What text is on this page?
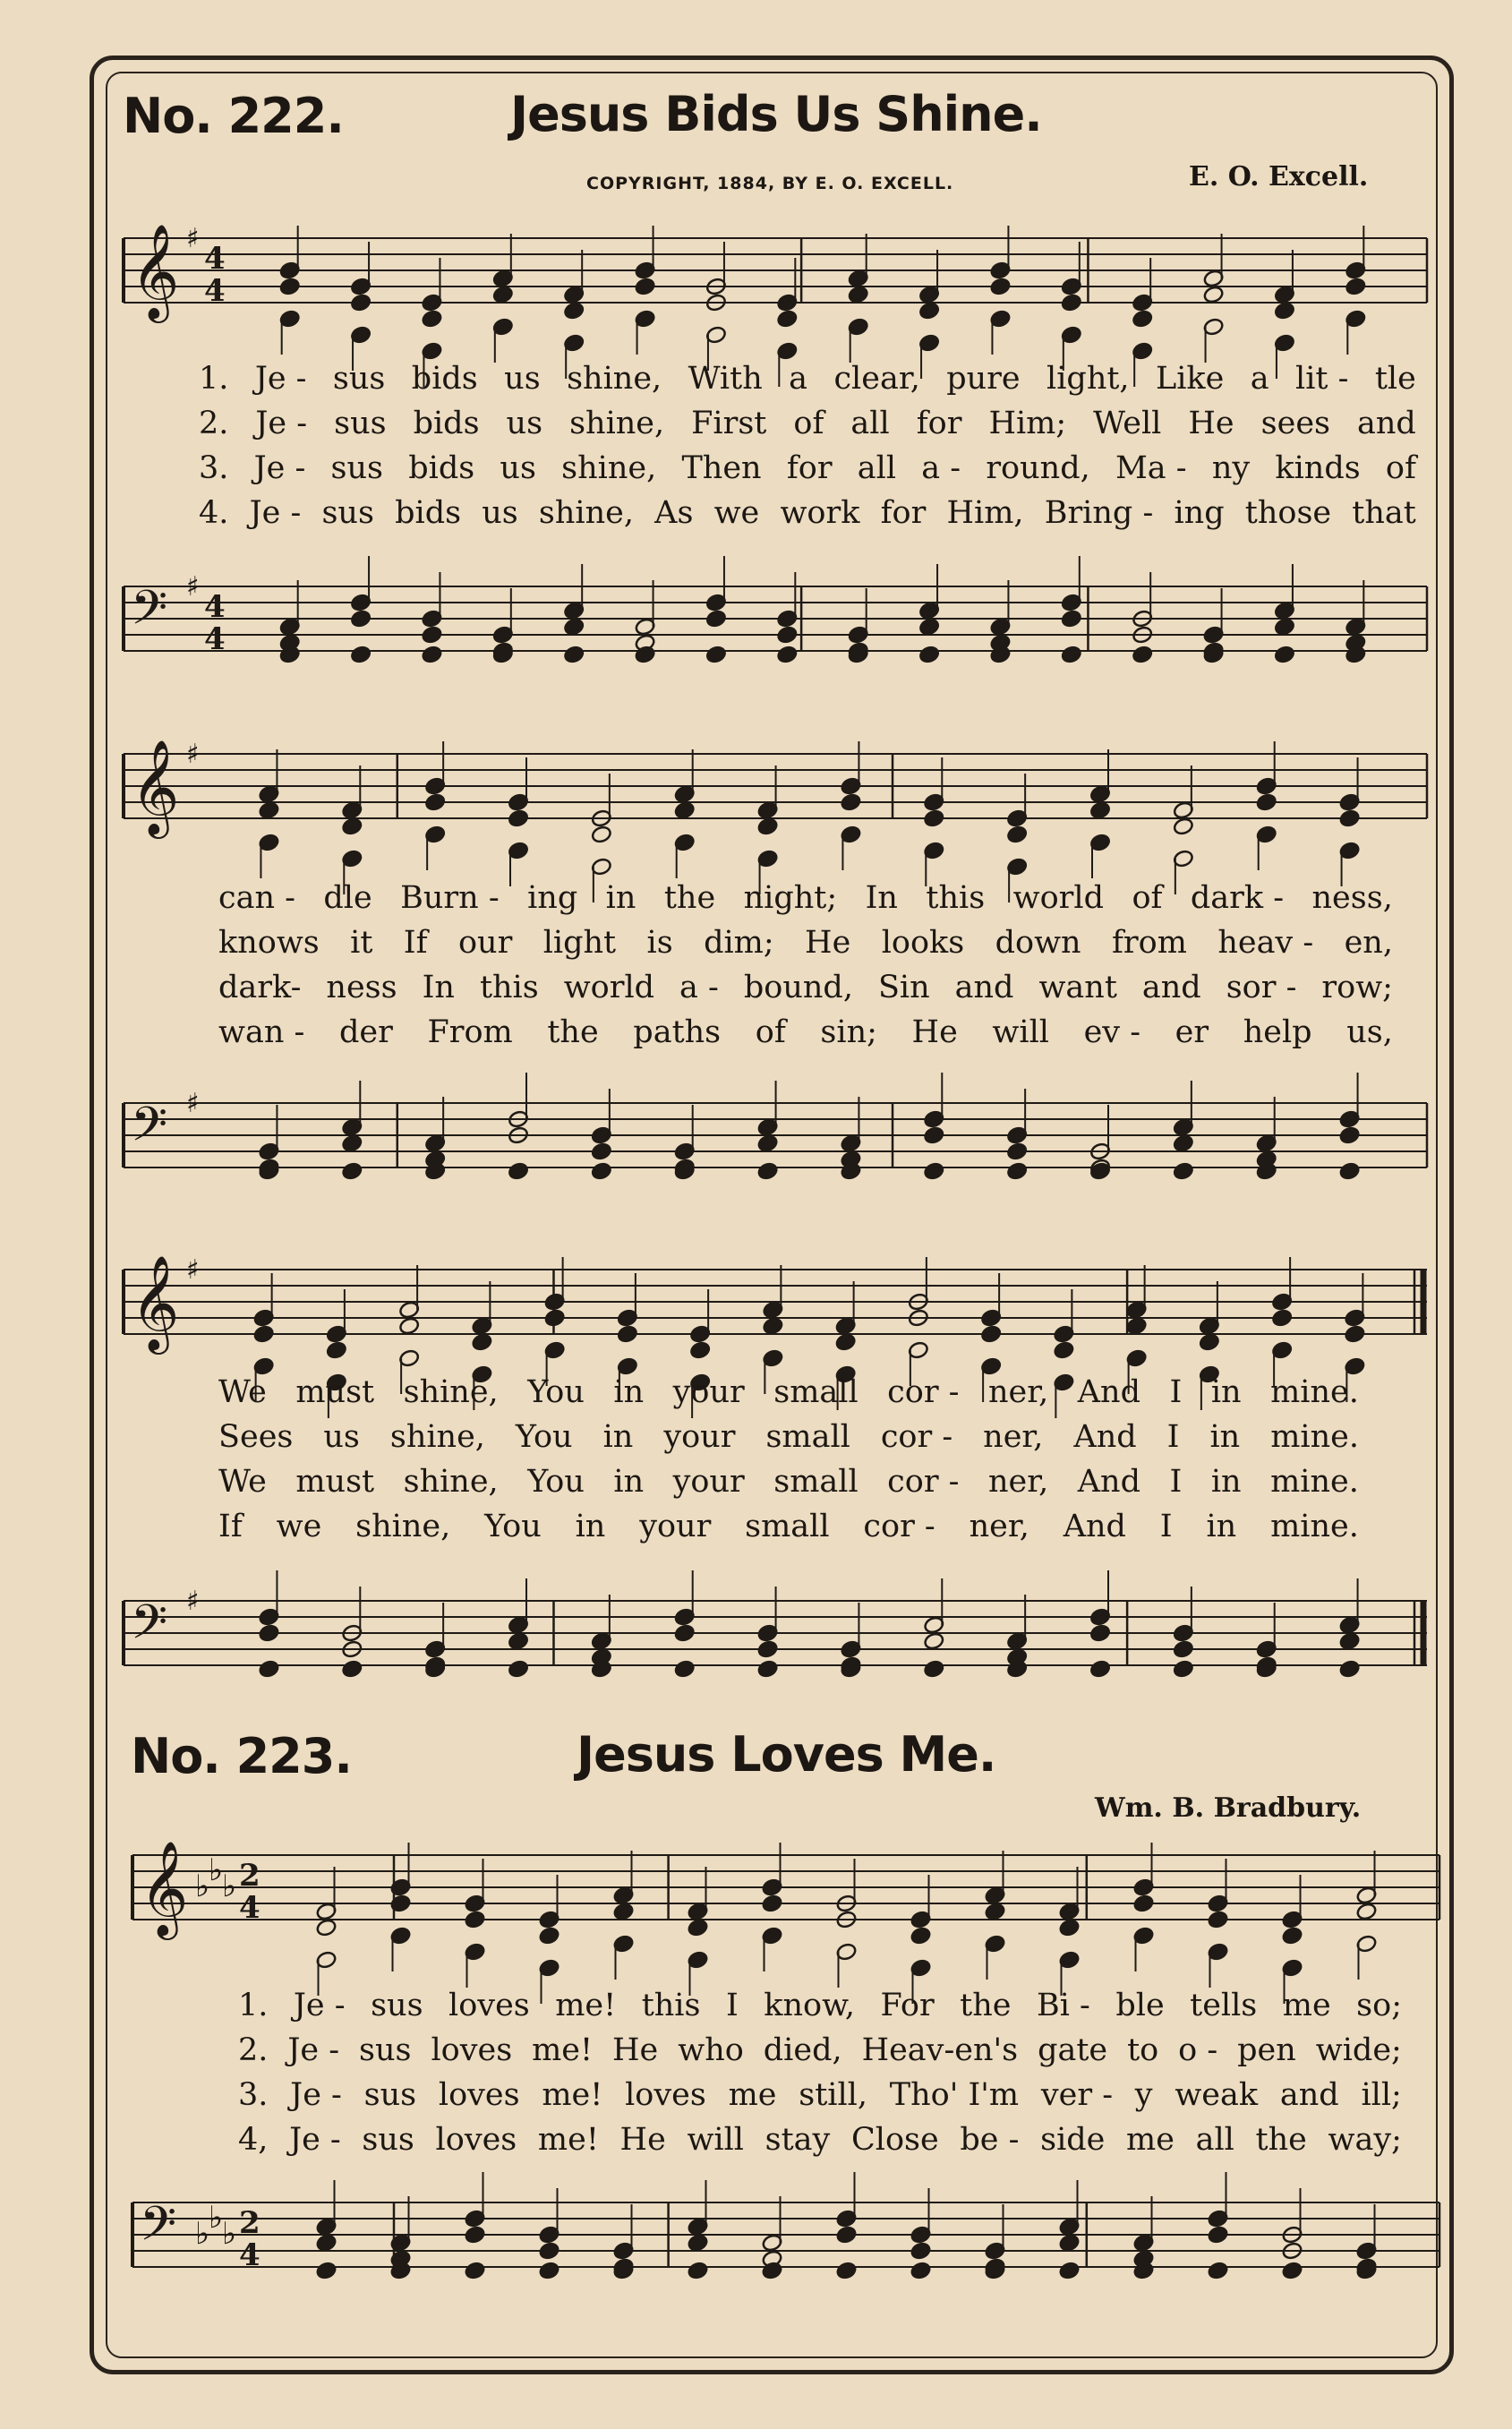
No. 222.	Jesus Bids Us Shine.
COPYRIGHT, 1884, BY E. O. EXCELL.	E. O. Excell.
𝄞 ♯
4
4
1. Je - sus bids us shine, With a clear, pure light, Like a lit - tle
2. Je - sus bids us shine, First of all for Him; Well He sees and
3. Je - sus bids us shine, Then for all a - round, Ma - ny kinds of
4. Je - sus bids us shine, As we work for Him, Bring - ing those that
𝄢 ♯
4
4
𝄞 ♯
can - dle Burn - ing in the night; In this world of dark - ness,
knows it If our light is dim; He looks down from heav - en,
dark- ness In this world a - bound, Sin and want and sor - row;
wan - der From the paths of sin; He will ev - er help us,
𝄢 ♯
𝄞 ♯
We must shine, You in your small cor - ner, And I in mine.
Sees us shine, You in your small cor - ner, And I in mine.
We must shine, You in your small cor - ner, And I in mine.
If we shine, You in your small cor - ner, And I in mine.
𝄢 ♯
No. 223.	Jesus Loves Me.
Wm. B. Bradbury.
𝄞 ♭
♭
♭ 2
4
1. Je - sus loves me! this I know, For the Bi - ble tells me so;
2. Je - sus loves me! He who died, Heav-en's gate to o - pen wide;
3. Je - sus loves me! loves me still, Tho' I'm ver - y weak and ill;
4, Je - sus loves me! He will stay Close be - side me all the way;
𝄢 ♭
♭
♭ 2
4
